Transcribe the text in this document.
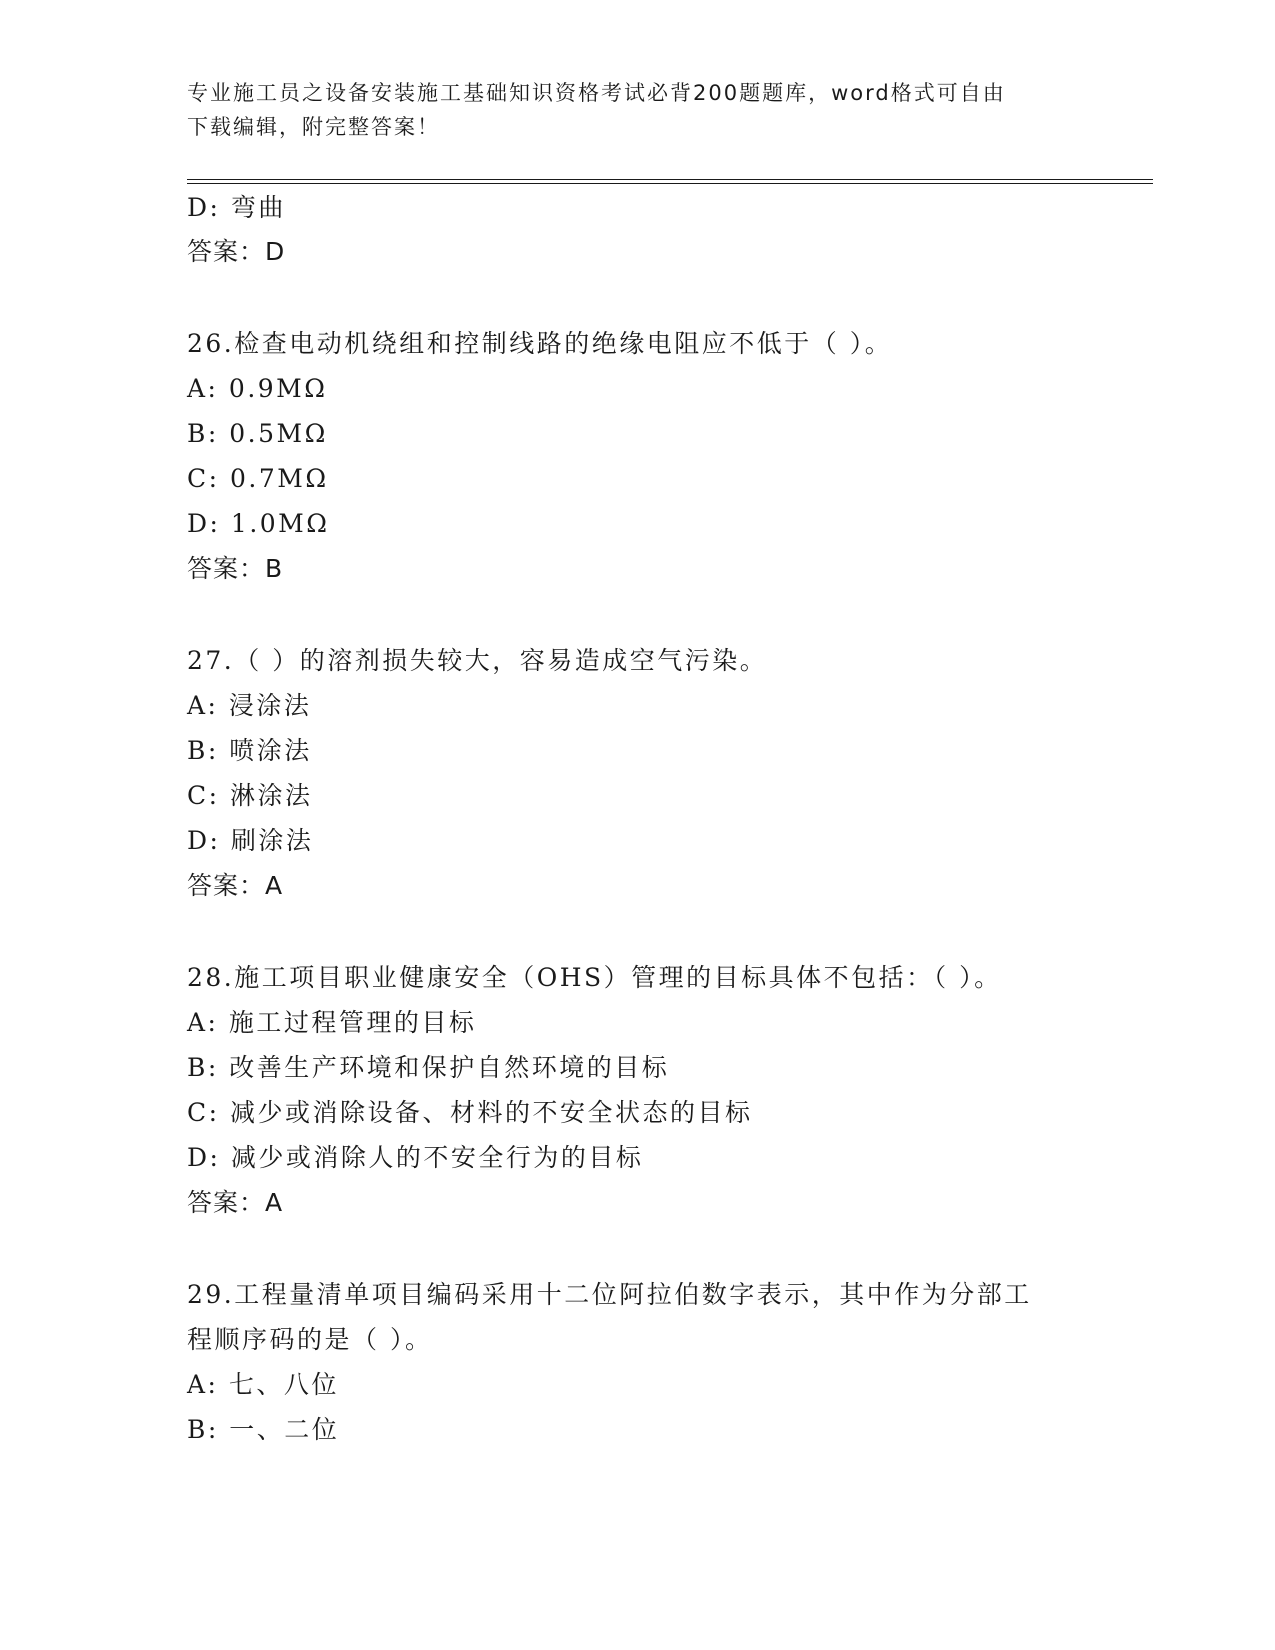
专业施工员之设备安装施工基础知识资格考试必背200题题库，word格式可自由
下载编辑，附完整答案！
D: 弯曲
答案：D
26.检查电动机绕组和控制线路的绝缘电阻应不低于（ ）。
A: 0.9MΩ
B: 0.5MΩ
C: 0.7MΩ
D: 1.0MΩ
答案：B
27.（ ）的溶剂损失较大，容易造成空气污染。
A: 浸涂法
B: 喷涂法
C: 淋涂法
D: 刷涂法
答案：A
28.施工项目职业健康安全（OHS）管理的目标具体不包括：（ ）。
A: 施工过程管理的目标
B: 改善生产环境和保护自然环境的目标
C: 减少或消除设备、材料的不安全状态的目标
D: 减少或消除人的不安全行为的目标
答案：A
29.工程量清单项目编码采用十二位阿拉伯数字表示，其中作为分部工
程顺序码的是（ ）。
A: 七、八位
B: 一、二位
